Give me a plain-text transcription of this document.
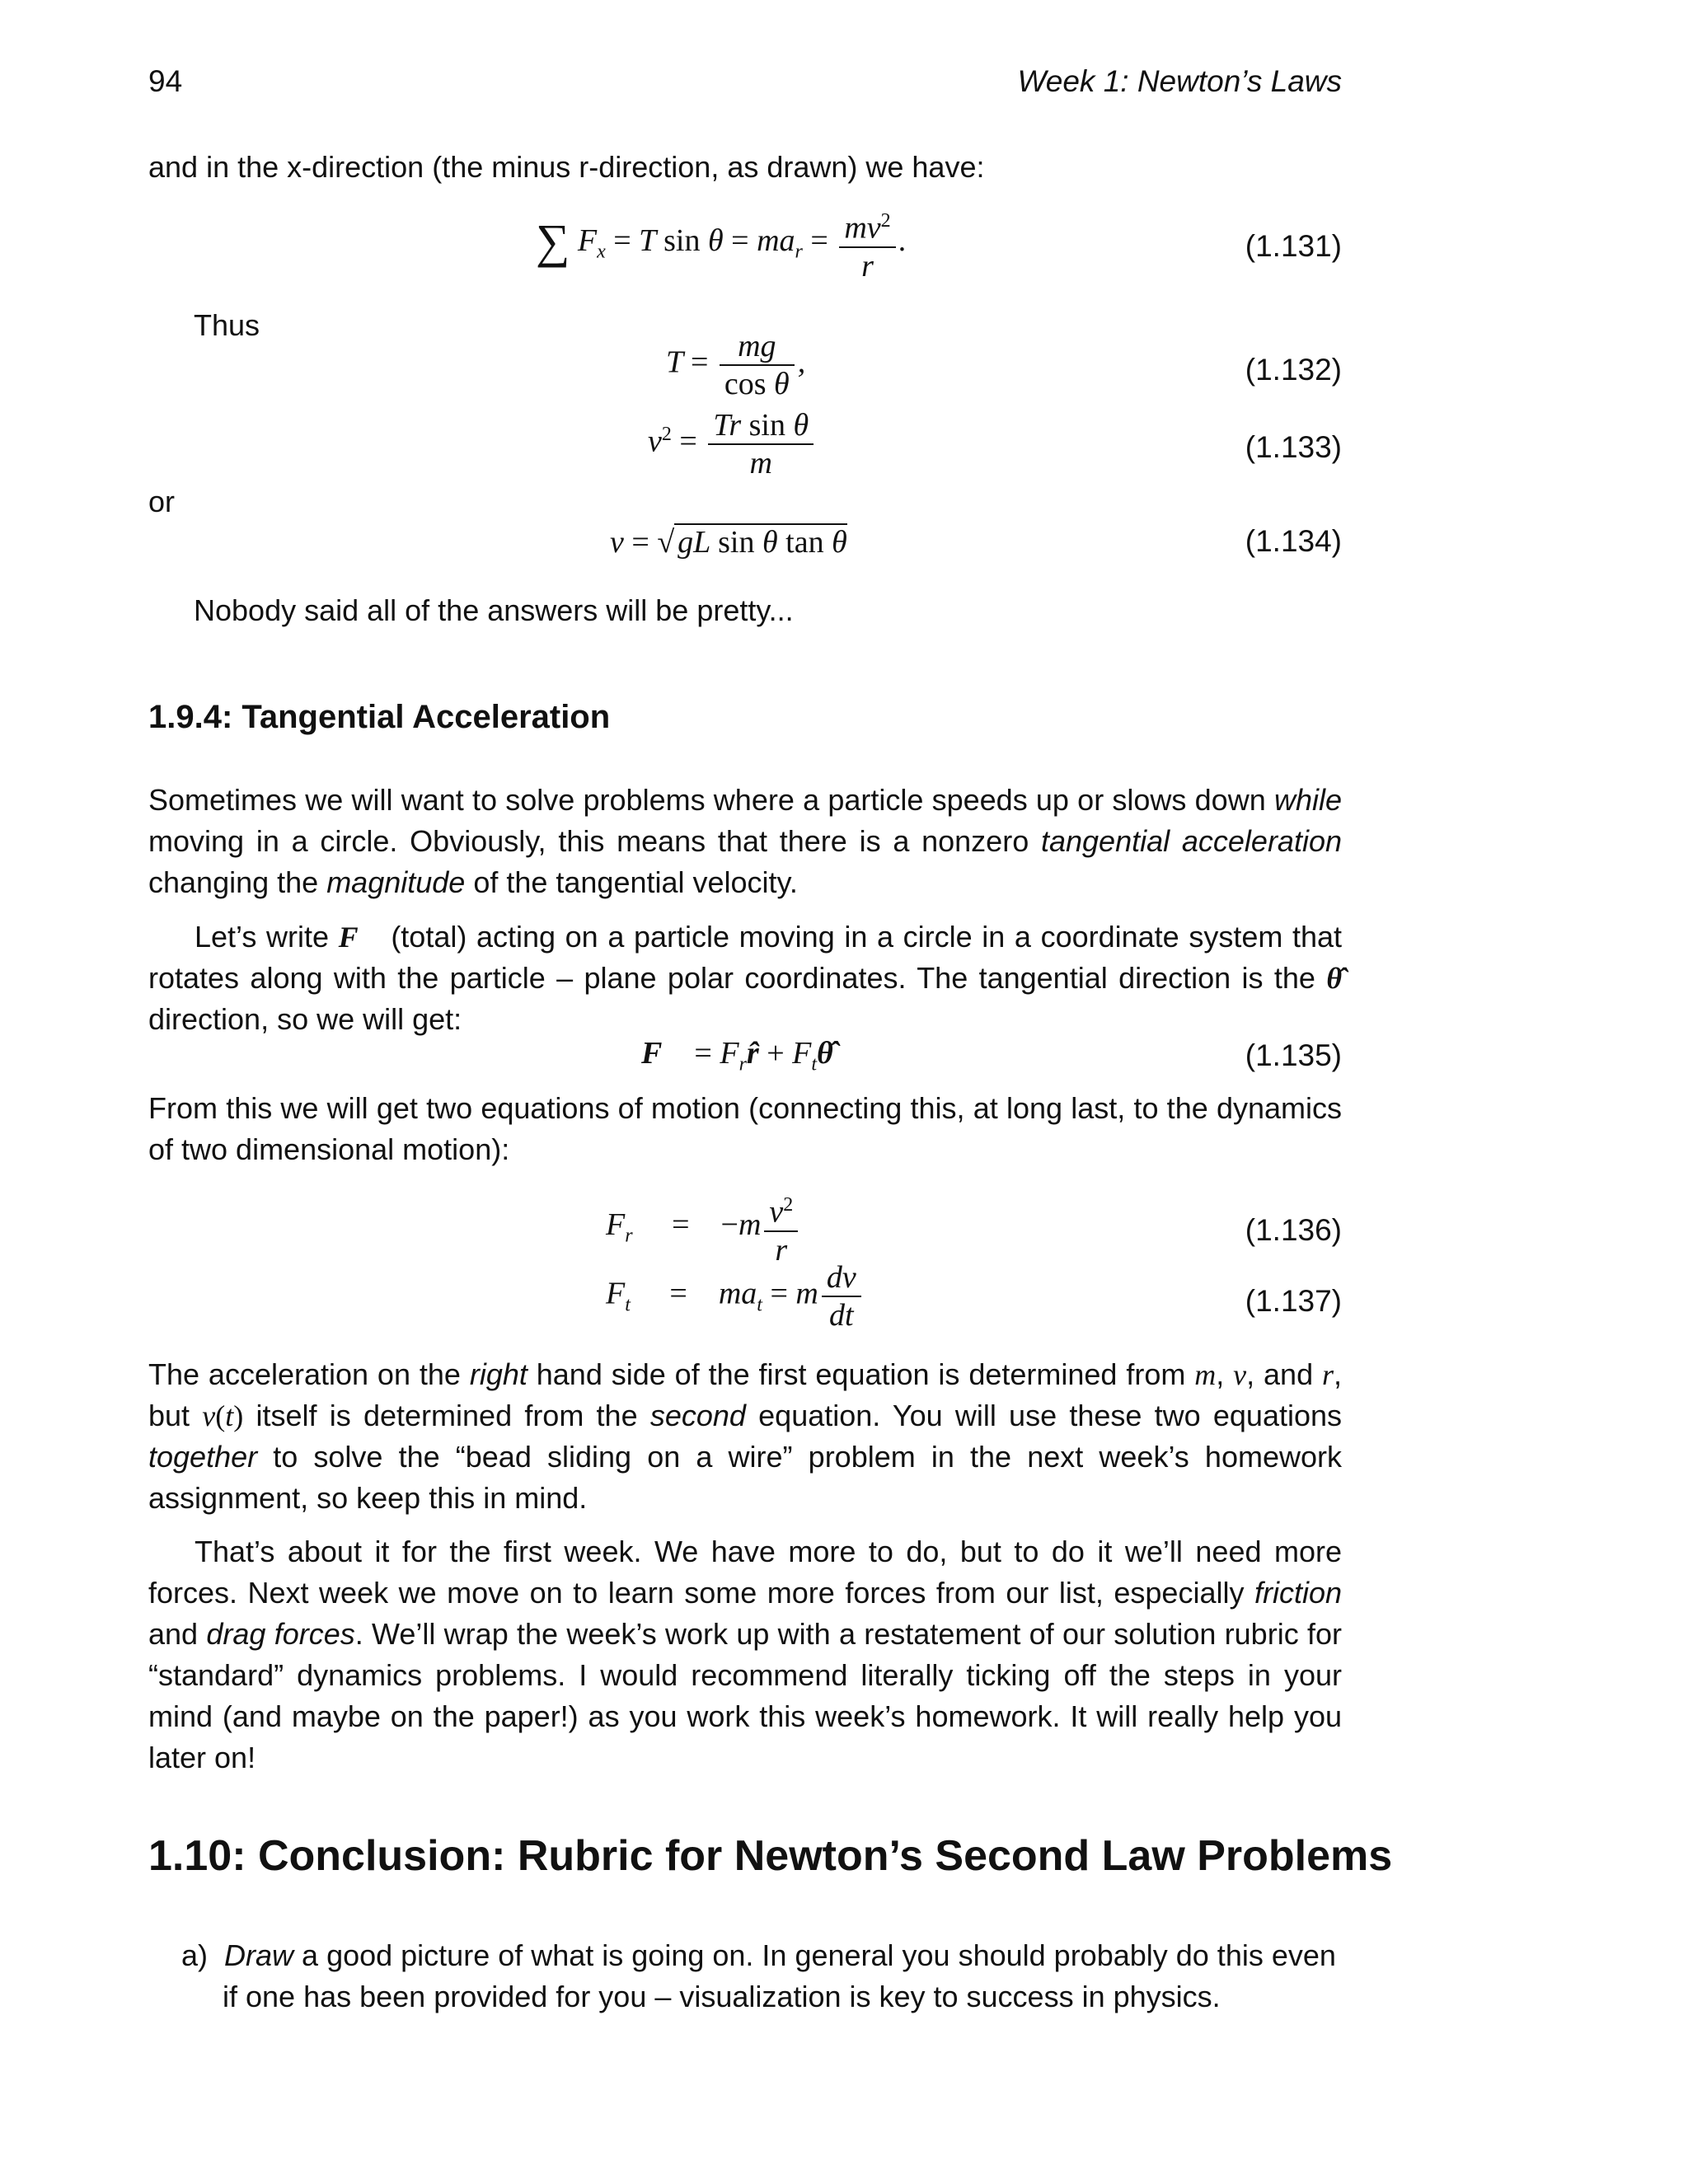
94	Week 1: Newton’s Laws
and in the x-direction (the minus r-direction, as drawn) we have:
∑ $F_x = T$ $\sin \theta = ma_r = \frac{mv^2}{r}$ .	(1.131)
Thus
$T = \frac{mg}{\text{cos θ}}$ ,	(1.132)
$v^2 = \frac{\text{Tr sin θ}}{m}$	(1.133)
or
v = √ gL sin θ tan θ	(1.134)
Nobody said all of the answers will be pretty...
1.9.4: Tangential Acceleration
Sometimes we will want to solve problems where a particle speeds up or slows down while moving in a circle. Obviously, this means that there is a nonzero tangential acceleration changing the magnitude of the tangential velocity.
Let’s write F⃗ (total) acting on a particle moving in a circle in a coordinate system that rotates along with the particle – plane polar coordinates. The tangential direction is the θ̂ direction, so we will get:
F⃗ = $F_rr̂$ + $F_t\thetâ$	(1.135)
From this we will get two equations of motion (connecting this, at long last, to the dynamics of two dimensional motion):
$F_r = -m \frac{v^2}{r}$	(1.136)
$F_t$ =    $ma_t = m \frac{dv}{dt}$	(1.137)
The acceleration on the right hand side of the first equation is determined from m, v, and r, but v(t) itself is determined from the second equation. You will use these two equations together to solve the “bead sliding on a wire” problem in the next week’s homework assignment, so keep this in mind.
That’s about it for the first week. We have more to do, but to do it we’ll need more forces. Next week we move on to learn some more forces from our list, especially friction and drag forces. We’ll wrap the week’s work up with a restatement of our solution rubric for “standard” dynamics problems. I would recommend literally ticking off the steps in your mind (and maybe on the paper!) as you work this week’s homework. It will really help you later on!
1.10: Conclusion: Rubric for Newton’s Second Law Problems
a) Draw a good picture of what is going on. In general you should probably do this even if one has been provided for you – visualization is key to success in physics.
